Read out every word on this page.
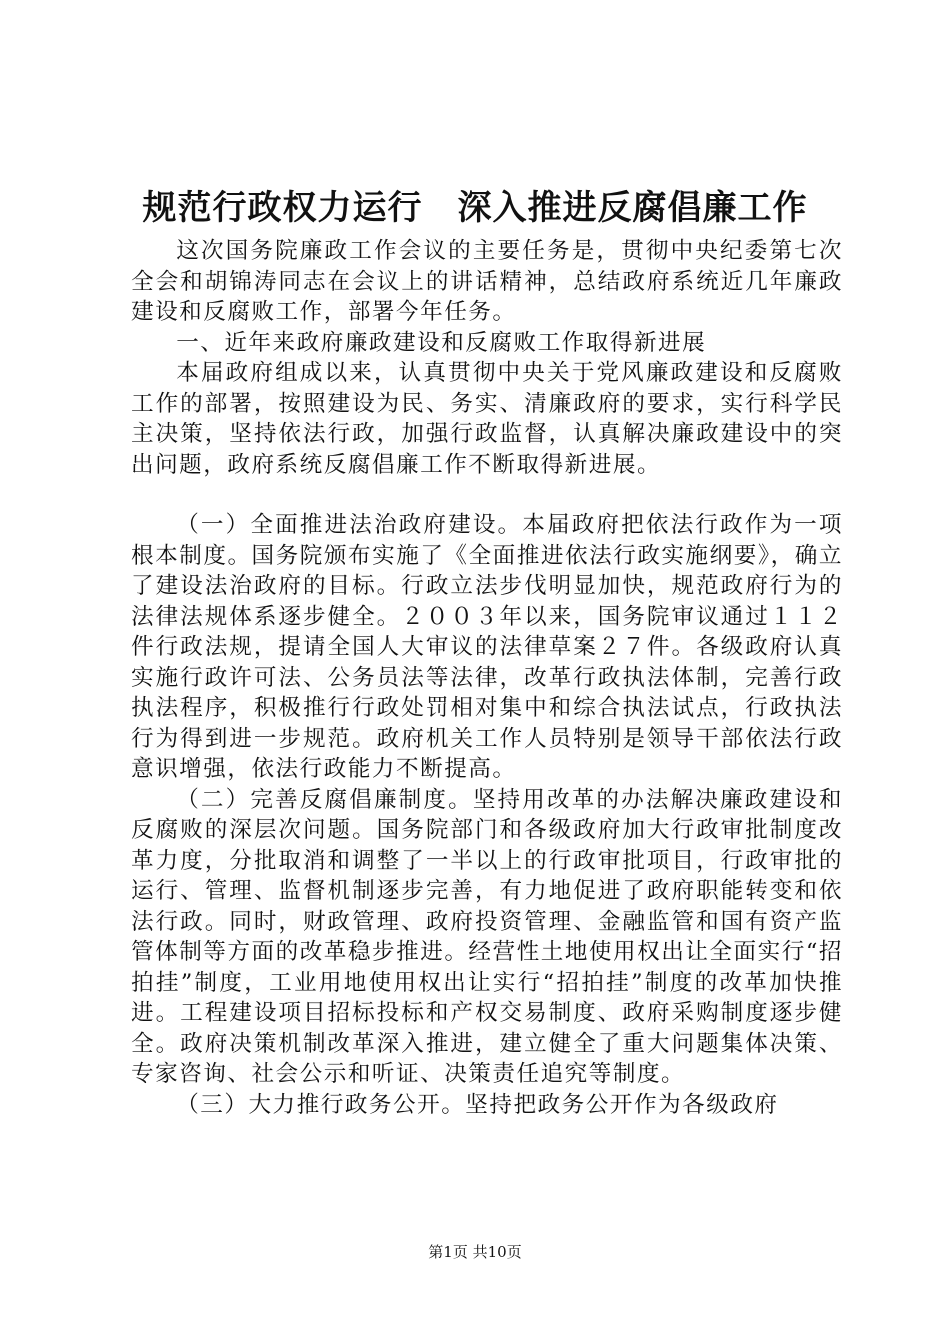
规范行政权力运行　深入推进反腐倡廉工作

这次国务院廉政工作会议的主要任务是，贯彻中央纪委第七次全会和胡锦涛同志在会议上的讲话精神，总结政府系统近几年廉政建设和反腐败工作，部署今年任务。

一、近年来政府廉政建设和反腐败工作取得新进展

本届政府组成以来，认真贯彻中央关于党风廉政建设和反腐败工作的部署，按照建设为民、务实、清廉政府的要求，实行科学民主决策，坚持依法行政，加强行政监督，认真解决廉政建设中的突出问题，政府系统反腐倡廉工作不断取得新进展。

（一）全面推进法治政府建设。本届政府把依法行政作为一项根本制度。国务院颁布实施了《全面推进依法行政实施纲要》，确立了建设法治政府的目标。行政立法步伐明显加快，规范政府行为的法律法规体系逐步健全。２００３年以来，国务院审议通过１１２件行政法规，提请全国人大审议的法律草案２７件。各级政府认真实施行政许可法、公务员法等法律，改革行政执法体制，完善行政执法程序，积极推行行政处罚相对集中和综合执法试点，行政执法行为得到进一步规范。政府机关工作人员特别是领导干部依法行政意识增强，依法行政能力不断提高。

（二）完善反腐倡廉制度。坚持用改革的办法解决廉政建设和反腐败的深层次问题。国务院部门和各级政府加大行政审批制度改革力度，分批取消和调整了一半以上的行政审批项目，行政审批的运行、管理、监督机制逐步完善，有力地促进了政府职能转变和依法行政。同时，财政管理、政府投资管理、金融监管和国有资产监管体制等方面的改革稳步推进。经营性土地使用权出让全面实行“招拍挂”制度，工业用地使用权出让实行“招拍挂”制度的改革加快推进。工程建设项目招标投标和产权交易制度、政府采购制度逐步健全。政府决策机制改革深入推进，建立健全了重大问题集体决策、专家咨询、社会公示和听证、决策责任追究等制度。

（三）大力推行政务公开。坚持把政务公开作为各级政府

第1页 共10页
